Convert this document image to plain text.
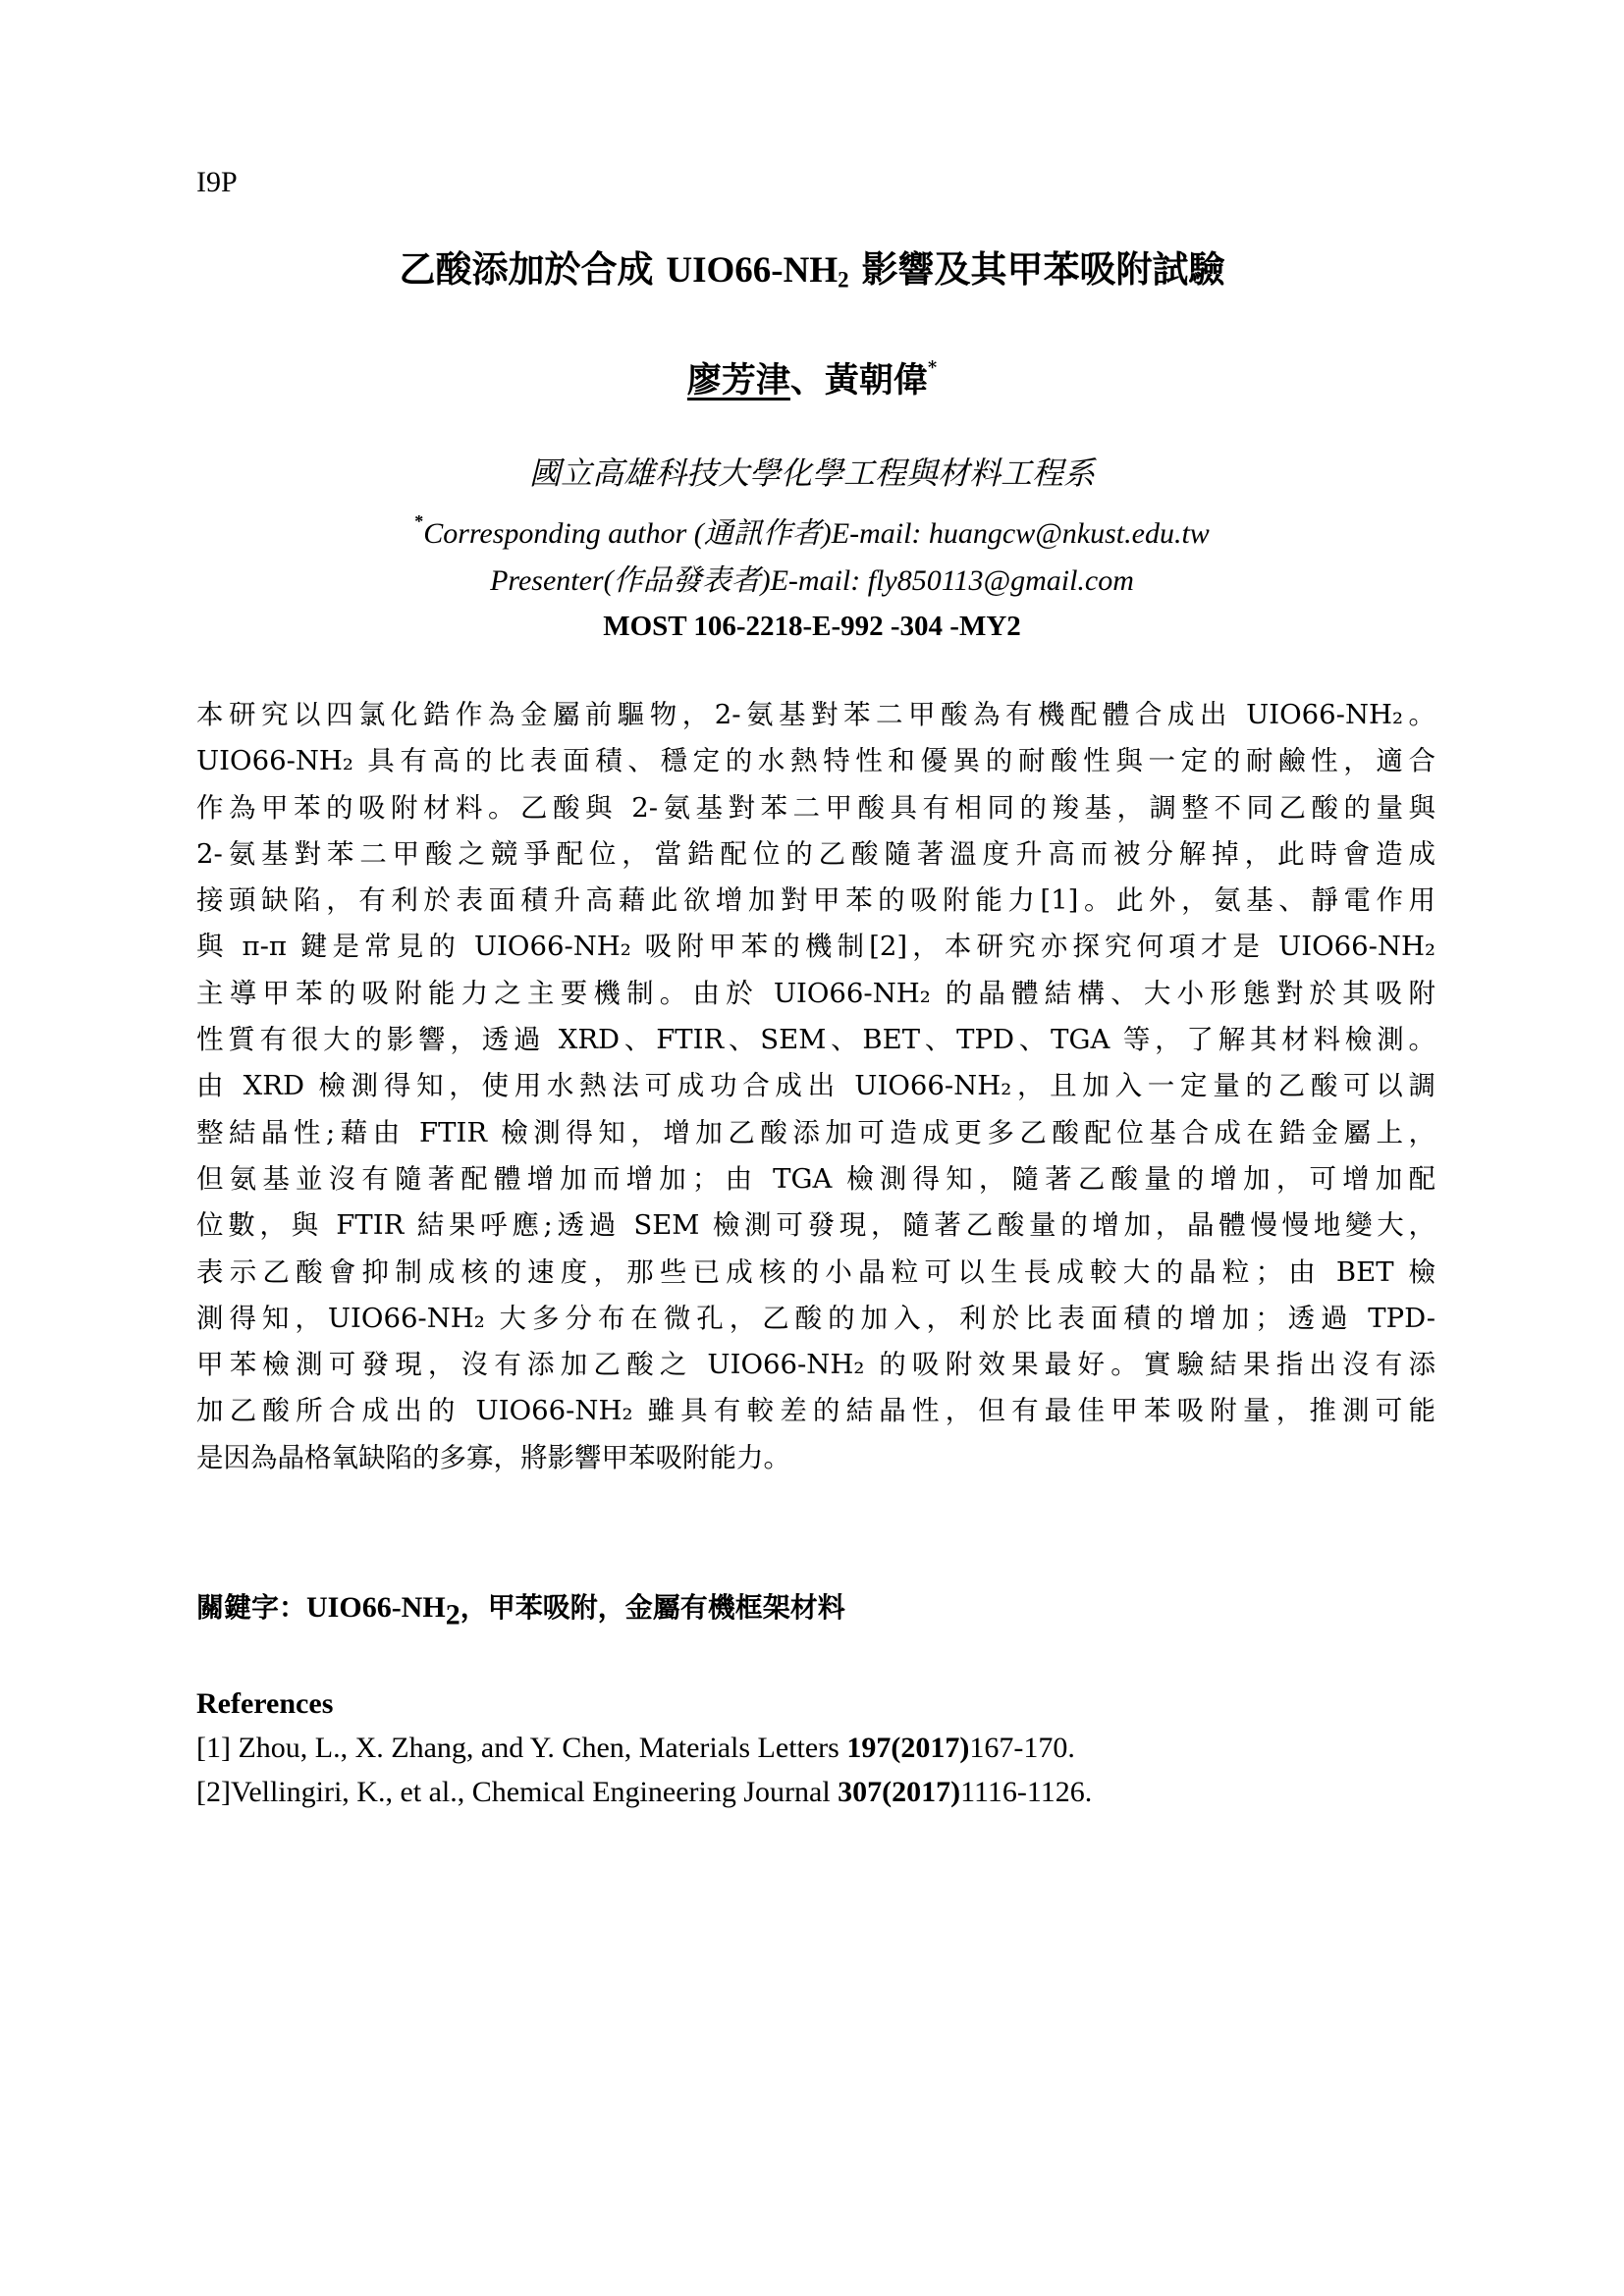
I9P
乙酸添加於合成 $UIO66-NH_2$ 影響及其甲苯吸附試驗
廖芳津、黃朝偉*
國立高雄科技大學化學工程與材料工程系
*Corresponding author (通訊作者)E-mail: huangcw@nkust.edu.tw
Presenter(作品發表者)E-mail: fly850113@gmail.com
MOST 106-2218-E-992 -304 -MY2
本研究以四氯化鋯作為金屬前驅物，2-氨基對苯二甲酸為有機配體合成出 UIO66-NH₂。
UIO66-NH₂ 具有高的比表面積、穩定的水熱特性和優異的耐酸性與一定的耐鹼性，適合
作為甲苯的吸附材料。乙酸與 2-氨基對苯二甲酸具有相同的羧基，調整不同乙酸的量與
2-氨基對苯二甲酸之競爭配位，當鋯配位的乙酸隨著溫度升高而被分解掉，此時會造成
接頭缺陷，有利於表面積升高藉此欲增加對甲苯的吸附能力[1]。此外，氨基、靜電作用
與 π-π 鍵是常見的 UIO66-NH₂ 吸附甲苯的機制[2]，本研究亦探究何項才是 UIO66-NH₂
主導甲苯的吸附能力之主要機制。由於 UIO66-NH₂ 的晶體結構、大小形態對於其吸附
性質有很大的影響，透過 XRD、FTIR、SEM、BET、TPD、TGA 等，了解其材料檢測。
由 XRD 檢測得知，使用水熱法可成功合成出 UIO66-NH₂，且加入一定量的乙酸可以調
整結晶性;藉由 FTIR 檢測得知，增加乙酸添加可造成更多乙酸配位基合成在鋯金屬上，
但氨基並沒有隨著配體增加而增加；由 TGA 檢測得知，隨著乙酸量的增加，可增加配
位數，與 FTIR 結果呼應;透過 SEM 檢測可發現，隨著乙酸量的增加，晶體慢慢地變大，
表示乙酸會抑制成核的速度，那些已成核的小晶粒可以生長成較大的晶粒；由 BET 檢
測得知，UIO66-NH₂ 大多分布在微孔，乙酸的加入，利於比表面積的增加；透過 TPD-
甲苯檢測可發現，沒有添加乙酸之 UIO66-NH₂ 的吸附效果最好。實驗結果指出沒有添
加乙酸所合成出的 UIO66-NH₂ 雖具有較差的結晶性，但有最佳甲苯吸附量，推測可能
是因為晶格氧缺陷的多寡，將影響甲苯吸附能力。
關鍵字：$UIO66-NH_2$，甲苯吸附，金屬有機框架材料
References
[1] Zhou, L., X. Zhang, and Y. Chen, Materials Letters 197(2017)167-170.
[2]Vellingiri, K., et al., Chemical Engineering Journal 307(2017)1116-1126.
